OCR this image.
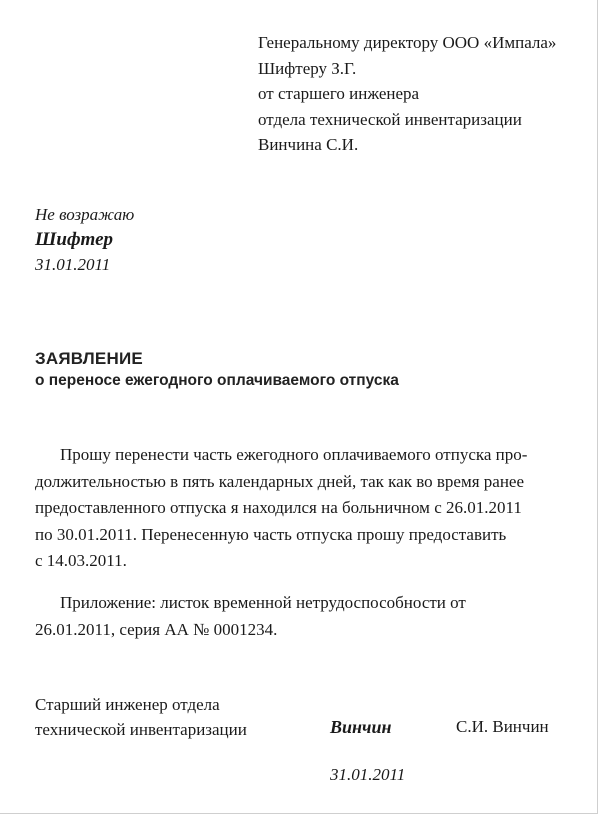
Генеральному директору ООО «Импала»
Шифтеру З.Г.
от старшего инженера
отдела технической инвентаризации
Винчина С.И.
Не возражаю
Шифтер
31.01.2011
ЗАЯВЛЕНИЕ
о переносе ежегодного оплачиваемого отпуска
Прошу перенести часть ежегодного оплачиваемого отпуска про-
должительностью в пять календарных дней, так как во время ранее
предоставленного отпуска я находился на больничном с 26.01.2011
по 30.01.2011. Перенесенную часть отпуска прошу предоставить
с 14.03.2011.
Приложение: листок временной нетрудоспособности от
26.01.2011, серия АА № 0001234.
Старший инженер отдела
технической инвентаризации	Винчин	С.И. Винчин
31.01.2011
